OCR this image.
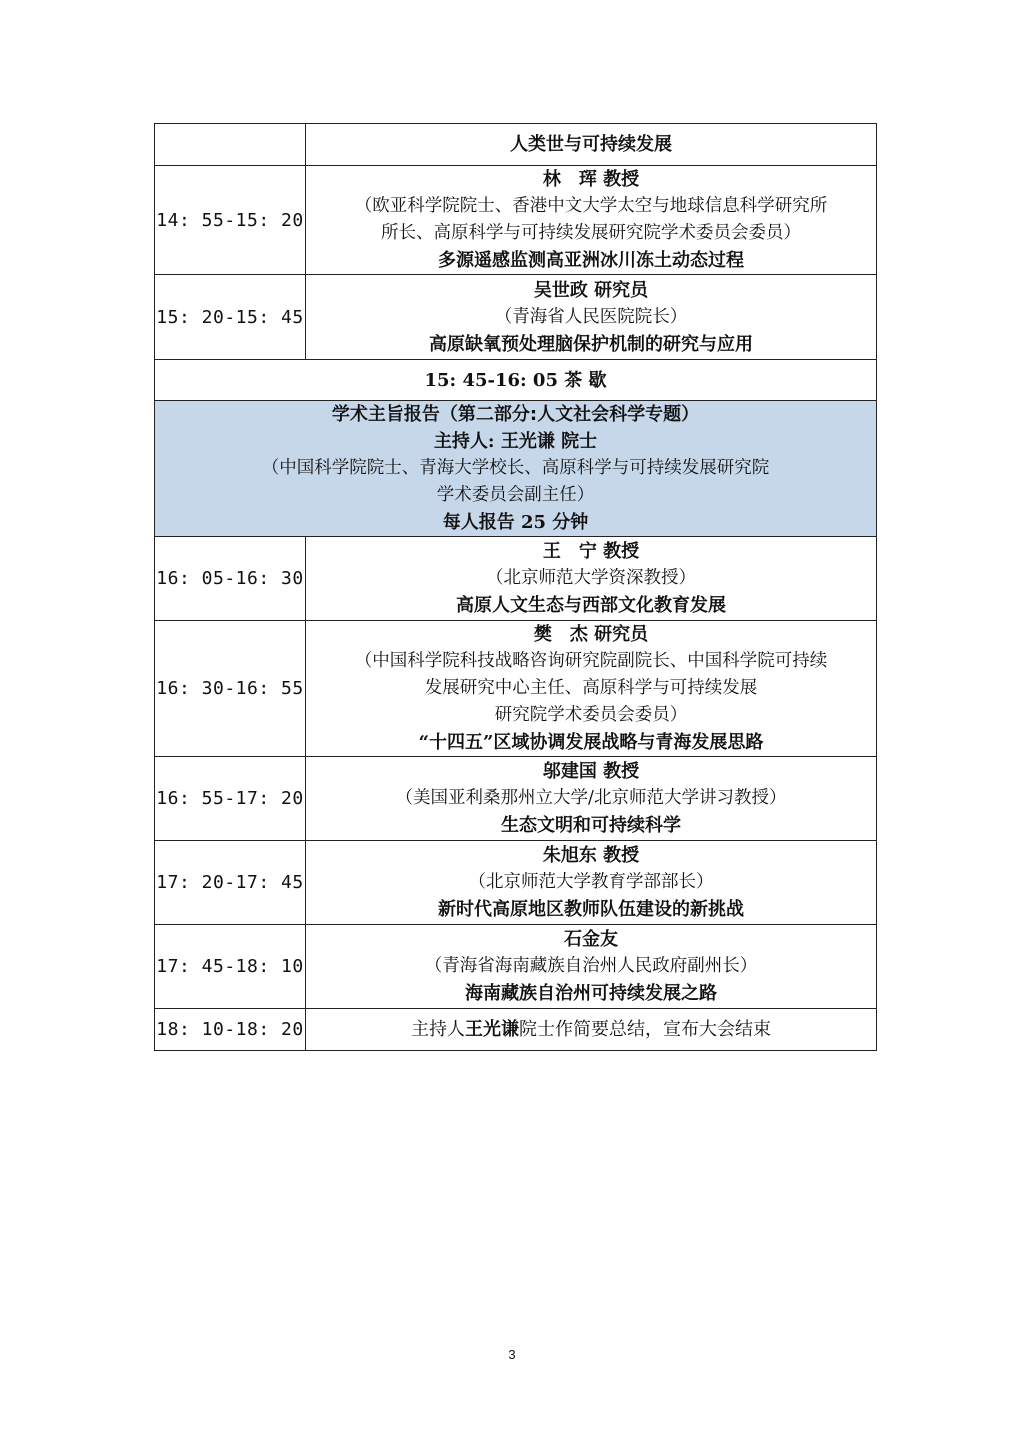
	人类世与可持续发展

14: 55-15: 20	林　珲 教授
（欧亚科学院院士、香港中文大学太空与地球信息科学研究所
所长、高原科学与可持续发展研究院学术委员会委员）
多源遥感监测高亚洲冰川冻土动态过程

15: 20-15: 45	吴世政 研究员
（青海省人民医院院长）
高原缺氧预处理脑保护机制的研究与应用

15: 45-16: 05 茶 歇	

学术主旨报告（第二部分:人文社会科学专题）
主持人: 王光谦 院士
（中国科学院院士、青海大学校长、高原科学与可持续发展研究院
学术委员会副主任）
每人报告 25 分钟	

16: 05-16: 30	王　宁 教授
（北京师范大学资深教授）
高原人文生态与西部文化教育发展

16: 30-16: 55	樊　杰 研究员
（中国科学院科技战略咨询研究院副院长、中国科学院可持续
发展研究中心主任、高原科学与可持续发展
研究院学术委员会委员）
“十四五”区域协调发展战略与青海发展思路

16: 55-17: 20	邬建国 教授
（美国亚利桑那州立大学/北京师范大学讲习教授）
生态文明和可持续科学

17: 20-17: 45	朱旭东 教授
（北京师范大学教育学部部长）
新时代高原地区教师队伍建设的新挑战

17: 45-18: 10	石金友
（青海省海南藏族自治州人民政府副州长）
海南藏族自治州可持续发展之路

18: 10-18: 20	主持人王光谦院士作简要总结，宣布大会结束
3
